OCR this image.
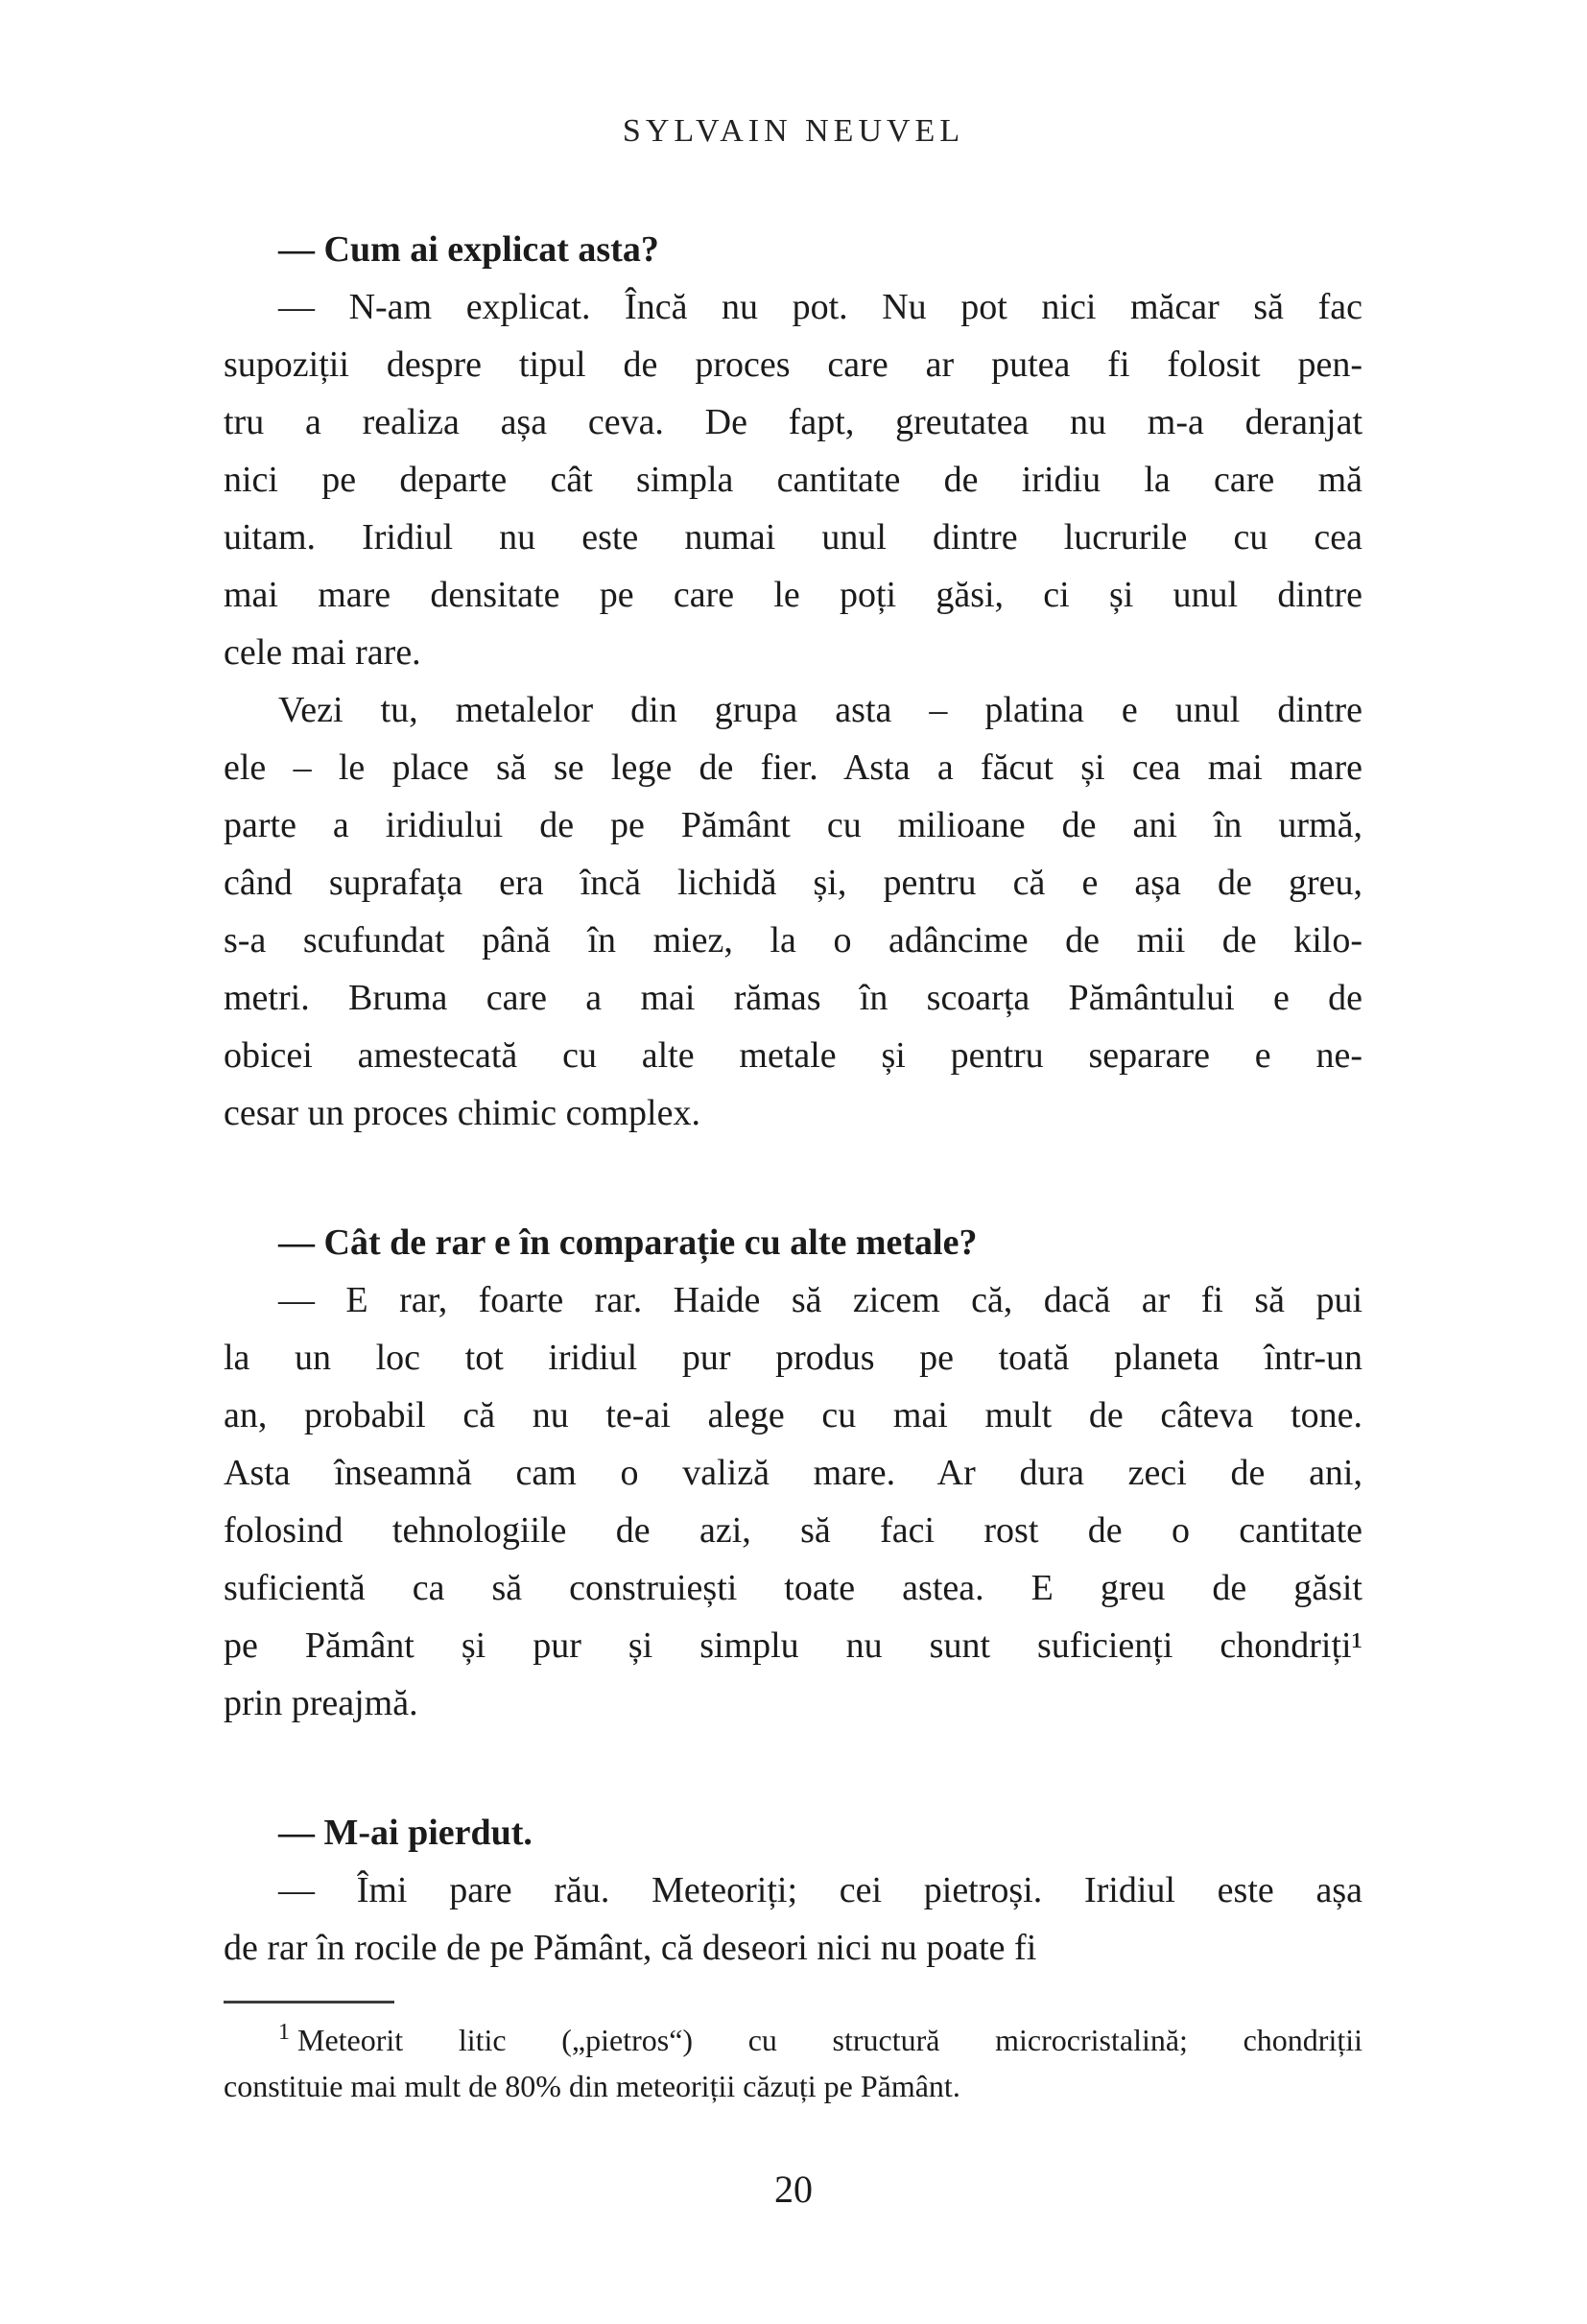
SYLVAIN NEUVEL
— Cum ai explicat asta?
— N-am explicat. Încă nu pot. Nu pot nici măcar să fac
supoziții despre tipul de proces care ar putea fi folosit pen-
tru a realiza așa ceva. De fapt, greutatea nu m-a deranjat
nici pe departe cât simpla cantitate de iridiu la care mă
uitam. Iridiul nu este numai unul dintre lucrurile cu cea
mai mare densitate pe care le poți găsi, ci și unul dintre
cele mai rare.
Vezi tu, metalelor din grupa asta – platina e unul dintre
ele – le place să se lege de fier. Asta a făcut și cea mai mare
parte a iridiului de pe Pământ cu milioane de ani în urmă,
când suprafața era încă lichidă și, pentru că e așa de greu,
s-a scufundat până în miez, la o adâncime de mii de kilo-
metri. Bruma care a mai rămas în scoarța Pământului e de
obicei amestecată cu alte metale și pentru separare e ne-
cesar un proces chimic complex.
— Cât de rar e în comparație cu alte metale?
— E rar, foarte rar. Haide să zicem că, dacă ar fi să pui
la un loc tot iridiul pur produs pe toată planeta într-un
an, probabil că nu te-ai alege cu mai mult de câteva tone.
Asta înseamnă cam o valiză mare. Ar dura zeci de ani,
folosind tehnologiile de azi, să faci rost de o cantitate
suficientă ca să construiești toate astea. E greu de găsit
pe Pământ și pur și simplu nu sunt suficienți chondriți¹
prin preajmă.
— M-ai pierdut.
— Îmi pare rău. Meteoriți; cei pietroși. Iridiul este așa
de rar în rocile de pe Pământ, că deseori nici nu poate fi
$^1$ Meteorit litic („pietros“) cu structură microcristalină; chondriții
constituie mai mult de 80% din meteoriții căzuți pe Pământ.
20
